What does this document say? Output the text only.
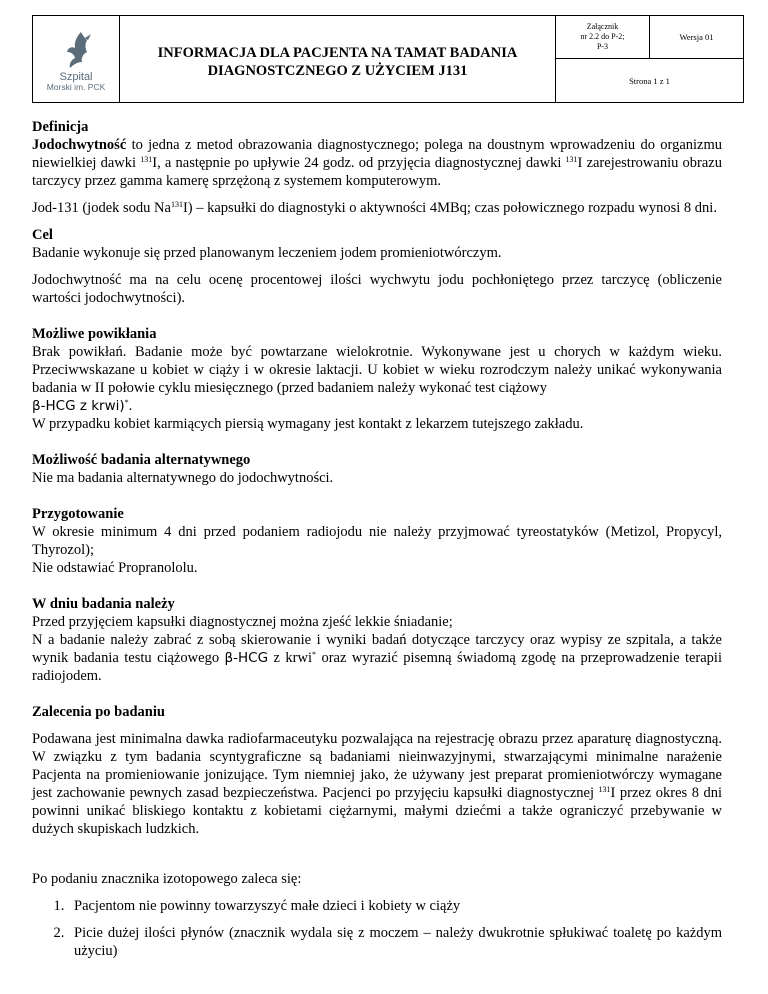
Szpital
Morski im. PCK

INFORMACJA DLA PACJENTA NA TAMAT BADANIA
DIAGNOSTCZNEGO Z UŻYCIEM J131

Załącznik
nr 2.2 do P-2;
P-3
	Wersja 01
Strona 1 z 1

Definicja

Jodochwytność to jedna z metod obrazowania diagnostycznego; polega na doustnym wprowadzeniu do organizmu niewielkiej dawki $^{131}$I, a następnie po upływie 24 godz. od przyjęcia diagnostycznej dawki $^{131}$I zarejestrowaniu obrazu tarczycy przez gamma kamerę sprzężoną z systemem komputerowym.

Jod-131 (jodek sodu Na$^{131}$I) – kapsułki do diagnostyki o aktywności 4MBq; czas połowicznego rozpadu wynosi 8 dni.

Cel

Badanie wykonuje się przed planowanym leczeniem jodem promieniotwórczym.

Jodochwytność ma na celu ocenę procentowej ilości wychwytu jodu pochłoniętego przez tarczycę (obliczenie wartości jodochwytności).

Możliwe powikłania

Brak powikłań. Badanie może być powtarzane wielokrotnie. Wykonywane jest u chorych w każdym wieku. Przeciwwskazane u kobiet w ciąży i w okresie laktacji. U kobiet w wieku rozrodczym należy unikać wykonywania badania w II połowie cyklu miesięcznego (przed badaniem należy wykonać test ciążowy
β-HCG z krwi)*.

W przypadku kobiet karmiących piersią wymagany jest kontakt z lekarzem tutejszego zakładu.

Możliwość badania alternatywnego

Nie ma badania alternatywnego do jodochwytności.

Przygotowanie

W okresie minimum 4 dni przed podaniem radiojodu nie należy przyjmować tyreostatyków (Metizol, Propycyl, Thyrozol);

Nie odstawiać Propranololu.

W dniu badania należy

Przed przyjęciem kapsułki diagnostycznej można zjeść lekkie śniadanie;

N a badanie należy zabrać z sobą skierowanie i wyniki badań dotyczące tarczycy oraz wypisy ze szpitala, a także wynik badania testu ciążowego β-HCG z krwi* oraz wyrazić pisemną świadomą zgodę na przeprowadzenie terapii radiojodem.

Zalecenia po badaniu

Podawana jest minimalna dawka radiofarmaceutyku pozwalająca na rejestrację obrazu przez aparaturę diagnostyczną. W związku z tym badania scyntygraficzne są badaniami nieinwazyjnymi, stwarzającymi minimalne narażenie Pacjenta na promieniowanie jonizujące. Tym niemniej jako, że używany jest preparat promieniotwórczy wymagane jest zachowanie pewnych zasad bezpieczeństwa. Pacjenci po przyjęciu kapsułki diagnostycznej $^{131}$I przez okres 8 dni powinni unikać bliskiego kontaktu z kobietami ciężarnymi, małymi dziećmi a także ograniczyć przebywanie w dużych skupiskach ludzkich.

Po podaniu znacznika izotopowego zaleca się:

1. Pacjentom nie powinny towarzyszyć małe dzieci i kobiety w ciąży
2. Picie dużej ilości płynów (znacznik wydala się z moczem – należy dwukrotnie spłukiwać toaletę po każdym użyciu)
